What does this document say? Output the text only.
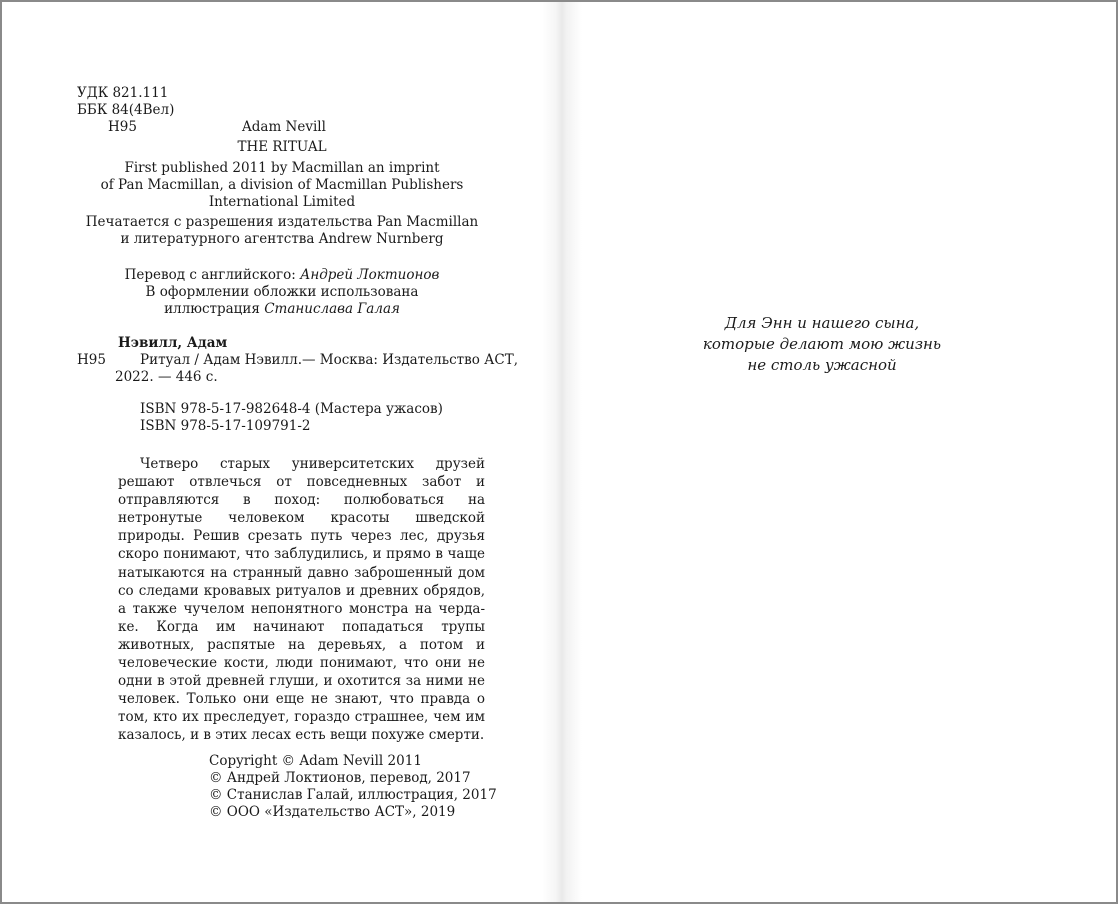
УДК 821.111
ББК 84(4Вел)
Н95	Adam Nevill
THE RITUAL
First published 2011 by Macmillan an imprint
of Pan Macmillan, a division of Macmillan Publishers
International Limited
Печатается с разрешения издательства Pan Macmillan
и литературного агентства Andrew Nurnberg
Перевод с английского: Андрей Локтионов
В оформлении обложки использована
иллюстрация Станислава Галая
Нэвилл, Адам
Н95	Ритуал / Адам Нэвилл.— Москва: Издательство АСТ,
2022. — 446 с.
ISBN 978-5-17-982648-4 (Мастера ужасов)
ISBN 978-5-17-109791-2
Четверо старых университетских друзей решают отвлечься от повседневных забот и отправляются в поход: полюбоваться на нетронутые человеком красоты шведской природы. Решив срезать путь через лес, друзья скоро понимают, что заблудились, и прямо в чаще натыкаются на странный давно заброшенный дом со следами кровавых ритуалов и древних обрядов, а также чучелом непонятного монстра на чердаке. Когда им начинают попадаться трупы животных, распятые на деревьях, а потом и человеческие кости, люди понимают, что они не одни в этой древней глуши, и охотится за ними не человек. Только они еще не знают, что правда о том, кто их преследует, гораздо страшнее, чем им казалось, и в этих лесах есть вещи похуже смерти.
Copyright © Adam Nevill 2011
© Андрей Локтионов, перевод, 2017
© Станислав Галай, иллюстрация, 2017
© ООО «Издательство АСТ», 2019
Для Энн и нашего сына,
которые делают мою жизнь
не столь ужасной
